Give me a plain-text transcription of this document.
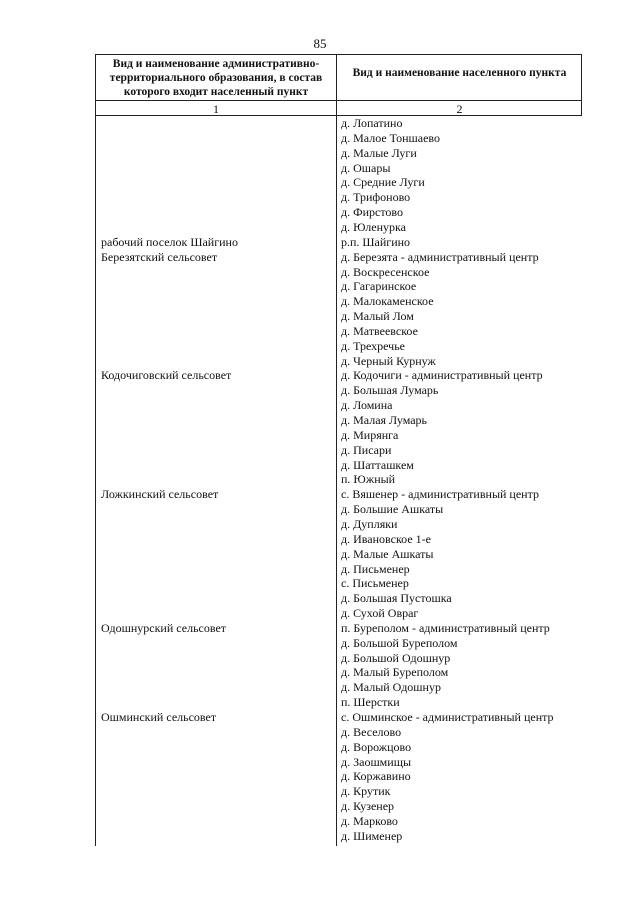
85
Вид и наименование административно-территориального образования, в состав которого входит населенный пункт
Вид и наименование населенного пункта
1	2
д. Лопатино
д. Малое Тоншаево
д. Малые Луги
д. Ошары
д. Средние Луги
д. Трифоново
д. Фирстово
д. Юленурка
рабочий поселок Шайгино	р.п. Шайгино
Березятский сельсовет	д. Березята - административный центр
д. Воскресенское
д. Гагаринское
д. Малокаменское
д. Малый Лом
д. Матвеевское
д. Трехречье
д. Черный Курнуж
Кодочиговский сельсовет	д. Кодочиги - административный центр
д. Большая Лумарь
д. Ломина
д. Малая Лумарь
д. Мирянга
д. Писари
д. Шатташкем
п. Южный
Ложкинский сельсовет	с. Вяшенер - административный центр
д. Большие Ашкаты
д. Дупляки
д. Ивановское 1-е
д. Малые Ашкаты
д. Письменер
с. Письменер
д. Большая Пустошка
д. Сухой Овраг
Одошнурский сельсовет	п. Буреполом - административный центр
д. Большой Буреполом
д. Большой Одошнур
д. Малый Буреполом
д. Малый Одошнур
п. Шерстки
Ошминский сельсовет	с. Ошминское - административный центр
д. Веселово
д. Ворожцово
д. Заошмищы
д. Коржавино
д. Крутик
д. Кузенер
д. Марково
д. Шименер
